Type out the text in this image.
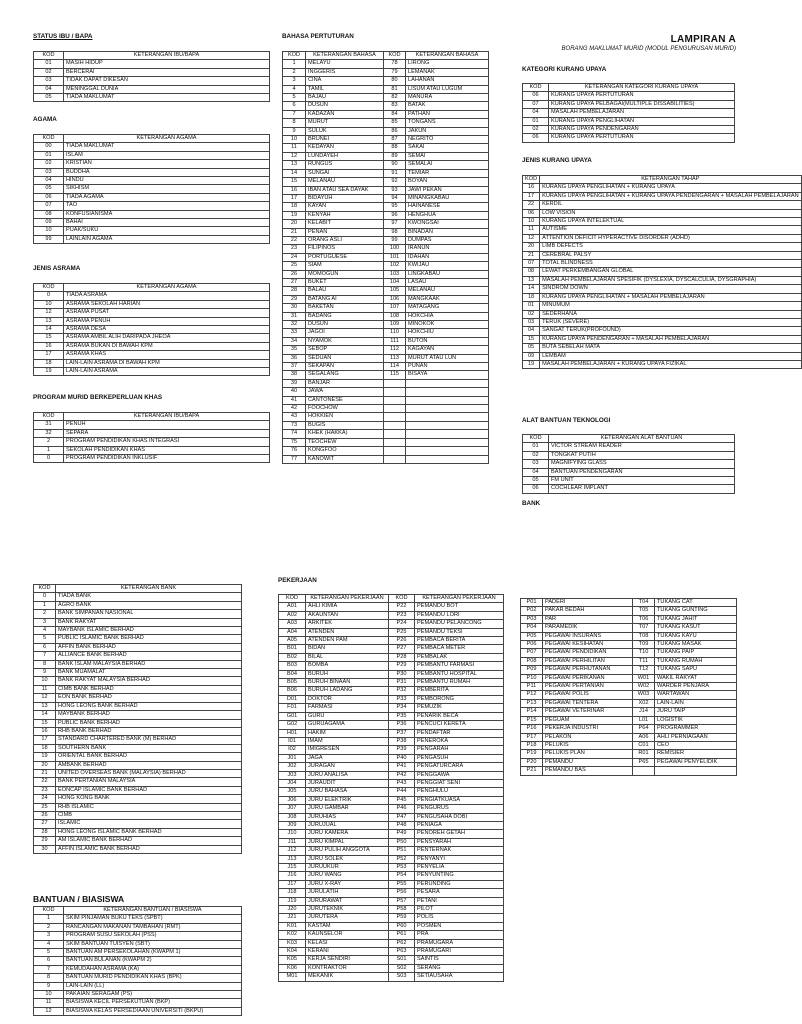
LAMPIRAN A
BORANG MAKLUMAT MURID (MODUL PENGURUSAN MURID)
STATUS IBU / BAPA
KOD	KETERANGAN IBU/BAPA
01	MASIH HIDUP
02	BERCERAI
03	TIDAK DAPAT DIKESAN
04	MENINGGAL DUNIA
05	TIADA MAKLUMAT
AGAMA
KOD	KETERANGAN AGAMA
00	TIADA MAKLUMAT
01	ISLAM
02	KRISTIAN
03	BUDDHA
04	HINDU
05	SIKHISM
06	TIADA AGAMA
07	TAO
08	KONFUSIANISMA
09	BAHAI
10	PUAK/SUKU
99	LAINLAIN AGAMA
JENIS ASRAMA
KOD	KETERANGAN AGAMA
0	TIADA ASRAMA
10	ASRAMA SEKOLAH HARIAN
12	ASRAMA PUSAT
13	ASRAMA PENUH
14	ASRAMA DESA
15	ASRAMA AMBIL ALIH DARIPADA JHEOA
16	ASRAMA BUKAN DI BAWAH KPM
17	ASRAMA KHAS
18	LAIN-LAIN ASRAMA DI BAWAH KPM
19	LAIN-LAIN ASRAMA
PROGRAM MURID BERKEPERLUAN KHAS
KOD	KETERANGAN IBU/BAPA
31	PENUH
32	SEPARA
2	PROGRAM PENDIDIKAN KHAS INTEGRASI
1	SEKOLAH PENDIDIKAN KHAS
0	PROGRAM PENDIDIKAN INKLUSIF
BAHASA PERTUTURAN
KOD	KETERANGAN BAHASA	KOD	KETERANGAN BAHASA
1	MELAYU	78	LIRONG
2	INGGERIS	79	LEMANAK
3	CINA	80	LAHANAN
4	TAMIL	81	LISUM ATAU LUGUM
5	BAJAU	82	MANURA
6	DUSUN	83	BATAK
7	KADAZAN	84	PATHAN
8	MURUT	85	TONGANS
9	SULUK	86	JAKUN
10	BRUNEI	87	NEGRITO
11	KEDAYAN	88	SAKAI
12	LUNDAYEH	89	SEMAI
13	RUNGUS	90	SEMALAI
14	SUNGAI	91	TEMIAR
15	MELANAU	92	BOYAN
16	IBAN ATAU SEA DAYAK	93	JAWI PEKAN
17	BIDAYUH	94	MINANGKABAU
18	KAYAN	95	HAINANESE
19	KENYAH	96	HENGHUA
20	KELABIT	97	KWONGSAI
21	PENAN	98	BINADAN
22	ORANG ASLI	99	DUMPAS
23	FILIPINOS	100	IRANUN
24	PORTUGUESE	101	IDAHAN
25	SIAM	102	KWIJAU
26	MOMOGUN	103	LINGKABAU
27	BUKET	104	LASAU
28	BALAU	105	MELANAU
29	BATANG AI	106	MANGKAAK
30	BAKETAN	107	MATAGANG
31	BADANG	108	HOKCHIA
32	DUSUN	109	MINOKOK
33	JAGOI	110	HOKCHIU
34	NYAMOK	111	BUTON
35	SEBOP	112	KAGAYAN
36	SEDUAN	113	MURUT ATAU LUN
37	SEKAPAN	114	PUNAN
38	SEGALANG	115	BISAYA
39	BANJAR		
40	JAWA		
41	CANTONESE		
42	FOOCHOW		
43	HOKKIEN		
73	BUGIS		
74	KHEK (HAKKA)		
75	TEOCHEW		
76	KONGFOO		
77	KANOWIT		
KATEGORI KURANG UPAYA
KOD	KETERANGAN KATEGORI KURANG UPAYA
06	KURANG UPAYA PERTUTURAN
07	KURANG UPAYA PELBAGAI(MULTIPLE DISSABILITIES)
04	MASALAH PEMBELAJARAN
01	KURANG UPAYA PENGLIHATAN
02	KURANG UPAYA PENDENGARAN
06	KURANG UPAYA PERTUTURAN
JENIS KURANG UPAYA
KOD	KETERANGAN TAHAP
16	KURANG UPAYA PENGLIHATAN + KURANG UPAYA
17	KURANG UPAYA PENGLIHATAN + KURANG UPAYA PENDENGARAN + MASALAH PEMBELAJARAN
22	KERDIL
06	LOW VISION
10	KURANG UPAYA INTELEKTUAL
11	AUTISME
12	ATTENTION DEFICIT HYPERACTIVE DISORDER (ADHD)
20	LIMB DEFECTS
21	CEREBRAL PALSY
07	TOTAL BLINDNESS
08	LEWAT PERKEMBANGAN GLOBAL
13	MASALAH PEMBELAJARAN SPESIFIK (DYSLEXIA, DYSCALCULIA, DYSGRAPHIA)
14	SINDROM DOWN
18	KURANG UPAYA PENGLIHATAN + MASALAH PEMBELAJARAN
01	MINUMUM
02	SEDERHANA
03	TERUK (SEVERE)
04	SANGAT TERUK(PROFOUND)
15	KURANG UPAYA PENDENGARAN + MASALAH PEMBELAJARAN
05	BUTA SEBELAH MATA
09	LEMBAM
19	MASALAH PEMBELAJARAN + KURANG UPAYA FIZIKAL
ALAT BANTUAN TEKNOLOGI
KOD	KETERANGAN ALAT BANTUAN
01	VICTOR STREAM READER
02	TONGKAT PUTIH
03	MAGNIFYING GLASS
04	BANTUAN PENDENGARAN
05	FM UNIT
06	COCHLEAR IMPLANT
BANK
KOD	KETERANGAN BANK
0	TIADA BANK
1	AGRO BANK
2	BANK SIMPANAN NASIONAL
3	BANK RAKYAT
4	MAYBANK ISLAMIC BERHAD
5	PUBLIC ISLAMIC BANK BERHAD
6	AFFIN BANK BERHAD
7	ALLIANCE BANK BERHAD
8	BANK ISLAM MALAYSIA BERHAD
9	BANK MUAMALAT
10	BANK RAKYAT MALAYSIA BERHAD
11	CIMB BANK BERHAD
12	EON BANK BERHAD
13	HONG LEONG BANK BERHAD
14	MAYBANK BERHAD
15	PUBLIC BANK BERHAD
16	RHB BANK BERHAD
17	STANDARD CHARTERED BANK (M) BERHAD
18	SOUTHERN BANK
19	ORIENTAL BANK BERHAD
20	AMBANK BERHAD
21	UNITED OVERSEAS BANK (MALAYSIA) BERHAD
22	BANK PERTANIAN MALAYSIA
23	EONCAP ISLAMIC BANK BERHAD
24	HONG KONG BANK
25	RHB ISLAMIC
26	CIMB
27	ISLAMIC
28	HONG LEONG ISLAMIC BANK BERHAD
29	AM ISLAMIC BANK BERHAD
30	AFFIN ISLAMIC BANK BERHAD
BANTUAN / BIASISWA
KOD	KETERANGAN BANTUAN / BIASISWA
1	SKIM PINJAMAN BUKU TEKS (SPBT)
2	RANCANGAN MAKANAN TAMBAHAN (RMT)
3	PROGRAM SUSU SEKOLAH (PSS)
4	SKIM BANTUAN TUISYEN (SBT)
5	BANTUAN AM PERSEKOLAHAN (KWAPM 1)
6	BANTUAN BULANAN (KWAPM 2)
7	KEMUDAHAN ASRAMA (KA)
8	BANTUAN MURID PENDIDIKAN KHAS (BPK)
9	LAIN-LAIN (LL)
10	PAKAIAN SERAGAM (PS)
11	BIASISWA KECIL PERSEKUTUAN (BKP)
12	BIASISWA KELAS PERSEDIAAN UNIVERSITI (BKPU)
PEKERJAAN
KOD	KETERANGAN PEKERJAAN	KOD	KETERANGAN PEKERJAAN
A01	AHLI KIMIA	P22	PEMANDU BOT
A02	AKAUNTAN	P23	PEMANDU LORI
A03	ARKITEK	P24	PEMANDU PELANCONG
A04	ATENDEN	P25	PEMANDU TEKSI
A05	ATENDEN PAM	P26	PEMBACA BERITA
B01	BIDAN	P27	PEMBACA METER
B02	BILAL	P28	PEMBALAK
B03	BOMBA	P29	PEMBANTU FARMASI
B04	BURUH	P30	PEMBANTU HOSPITAL
B05	BURUH BINAAN	P31	PEMBANTU RUMAH
B06	BURUH LADANG	P32	PEMBERITA
D01	DOKTOR	P33	PEMBORONG
F01	FARMASI	P34	PEMUZIK
G01	GURU	P35	PENARIK BECA
G02	GURUAGAMA	P36	PENCUCI KERETA
H01	HAKIM	P37	PENDAFTAR
I01	IMAM	P38	PENEROKA
I02	IMIGRESEN	P39	PENGARAH
J01	JAGA	P40	PENGASUH
J02	JURAGAN	P41	PENGATURCARA
J03	JURU ANALISA	P42	PENGGAWA
J04	JURAUDIT	P43	PENGGIAT SENI
J05	JURU BAHASA	P44	PENGHULU
J06	JURU ELEKTRIK	P45	PENGIATKUASA
J07	JURU GAMBAR	P46	PENGURUS
J08	JURUHIAS	P47	PENGUSAHA DOBI
J09	JURUJUAL	P48	PENIAGA
J10	JURU KAMERA	P49	PENOREH GETAH
J11	JURU KIMPAL	P50	PENSYARAH
J12	JURU PULIH ANGGOTA	P51	PENTERNAK
J13	JURU SOLEK	P52	PENYANYI
J15	JURUUKUR	P53	PENYELIA
J16	JURU WANG	P54	PENYUNTING
J17	JURU X-RAY	P55	PERUNDING
J18	JURULATIH	P56	PESARA
J19	JURURAWAT	P57	PETANI
J20	JURUTEKNIK	P58	PILOT
J21	JURUTERA	P59	POLIS
K01	KASTAM	P60	POSMEN
K02	KAUNSELOR	P61	PRA
K03	KELASI	P62	PRAMUGARA
K04	KERANI	P63	PRAMUGARI
K05	KERJA SENDIRI	S01	SAINTIS
K06	KONTRAKTOR	S02	SERANG
M01	MEKANIK	S03	SETIAUSAHA
P01	PADERI	T04	TUKANG CAT
P02	PAKAR BEDAH	T05	TUKANG GUNTING
P03	PAR	T06	TUKANG JAHIT
P04	PARAMEDIK	T07	TUKANG KASUT
P05	PEGAWAI INSURANS	T08	TUKANG KAYU
P06	PEGAWAI KESIHATAN	T09	TUKANG MASAK
P07	PEGAWAI PENDIDIKAN	T10	TUKANG PAIP
P08	PEGAWAI PERHILITAN	T11	TUKANG RUMAH
P09	PEGAWAI PERHUTANAN	T12	TUKANG SAPU
P10	PEGAWAI PERIKANAN	W01	WAKIL RAKYAT
P11	PEGAWAI PERTANIAN	W02	WARDER PENJARA
P12	PEGAWAI POLIS	W03	WARTAWAN
P13	PEGAWAI TENTERA	X02	LAIN-LAIN
P14	PEGAWAI VETERINAR	J14	JURU TAIP
P15	PEGUAM	L01	LOGISTIK
P16	PEKERJA INDUSTRI	P64	PROGRAMMER
P17	PELAKON	A06	AHLI PERNIAGAAN
P18	PELUKIS	C01	CEO
P19	PELUKIS PLAN	R01	REMISIER
P20	PEMANDU	P65	PEGAWAI PENYELIDIK
P21	PEMANDU BAS		
